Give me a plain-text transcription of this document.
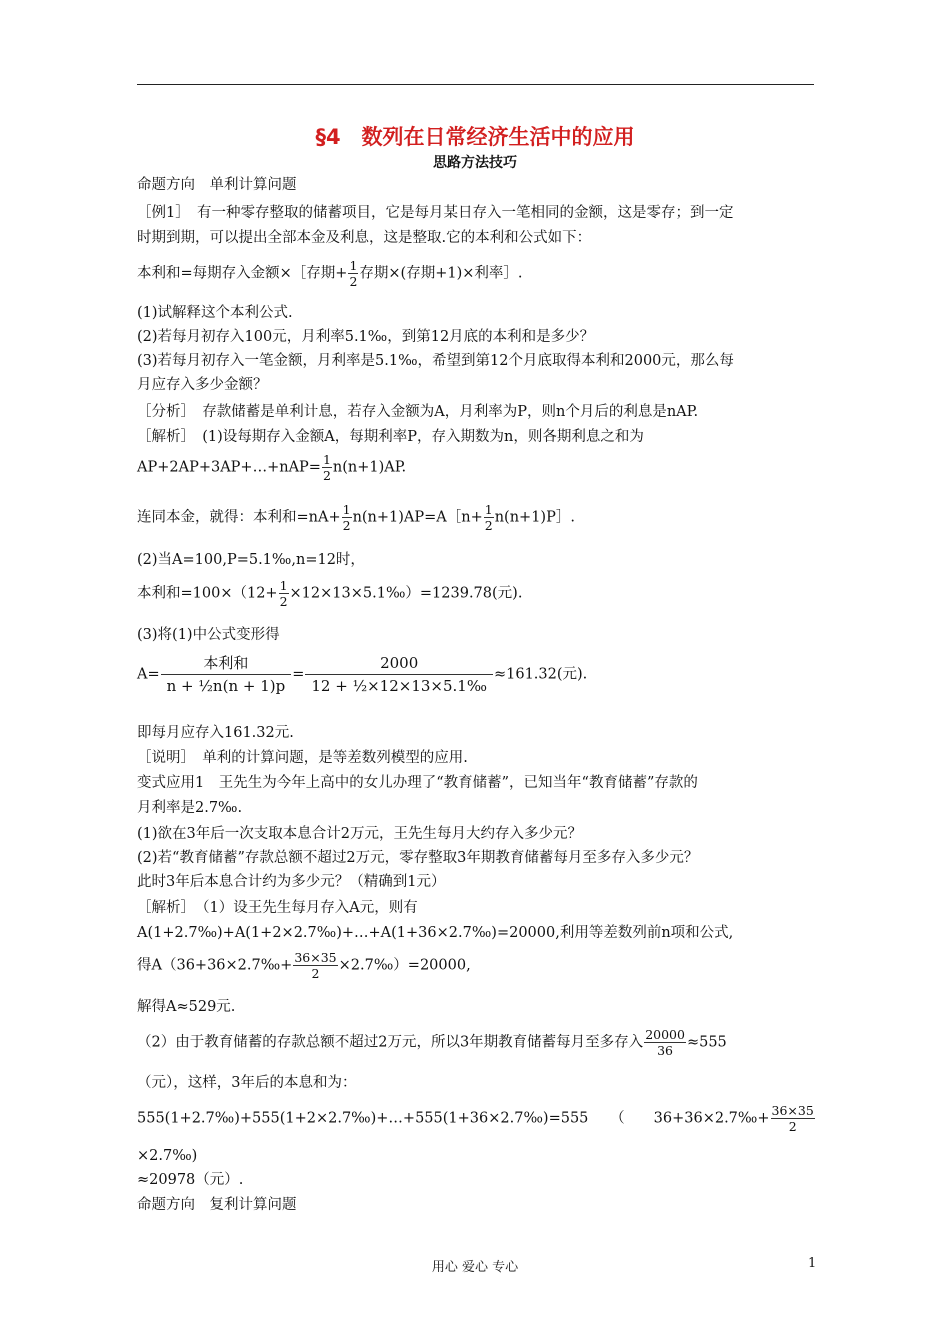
§4　数列在日常经济生活中的应用
思路方法技巧
命题方向　单利计算问题
［例1］　有一种零存整取的储蓄项目，它是每月某日存入一笔相同的金额，这是零存；到一定
时期到期，可以提出全部本金及利息，这是整取.它的本利和公式如下：
本利和=每期存入金额×［存期+ $\frac{1}{2}$ 存期×(存期+1)×利率］.
(1)试解释这个本利公式.
(2)若每月初存入100元，月利率5.1‰，到第12月底的本利和是多少？
(3)若每月初存入一笔金额，月利率是5.1‰，希望到第12个月底取得本利和2000元，那么每
月应存入多少金额？
［分析］　存款储蓄是单利计息，若存入金额为A，月利率为P，则n个月后的利息是nAP.
［解析］　(1)设每期存入金额A，每期利率P，存入期数为n，则各期利息之和为
AP+2AP+3AP+…+nAP= $\frac{1}{2} n(n+1)AP$.
连同本金，就得：本利和$=nA+ \frac{1}{2}$ n(n+1)AP=A［n+ $\frac{1}{2}$ n(n+1)P］.
(2)当A=100,P=5.1‰,n=12时，
本利和$=100\times(12+ \frac{1}{2}$ ×12×13×5.1‰）=1239.78(元).
(3)将(1)中公式变形得
$A= \frac{\text{本利和}}{\text{n + ½n(n + 1)p}} = \frac{2000}{\text{12 + ½×12×13×5.1‰}} \approx 161.32$(元).
即每月应存入161.32元.
［说明］　单利的计算问题，是等差数列模型的应用.
变式应用1　王先生为今年上高中的女儿办理了“教育储蓄”，已知当年“教育储蓄”存款的
月利率是2.7‰.
(1)欲在3年后一次支取本息合计2万元，王先生每月大约存入多少元？
(2)若“教育储蓄”存款总额不超过2万元，零存整取3年期教育储蓄每月至多存入多少元？
此时3年后本息合计约为多少元？（精确到1元）
［解析］　（1）设王先生每月存入A元，则有
A(1+2.7‰)+A(1+2×2.7‰)+…+A(1+36×2.7‰)=20000,利用等差数列前n项和公式,
得A（36+36×2.7‰+ $\frac{36\times 35}{2}$ ×2.7‰）=20000,
解得A≈529元.
（2）由于教育储蓄的存款总额不超过2万元，所以3年期教育储蓄每月至多存入 $\frac{20000}{36} \approx 555$
（元），这样，3年后的本息和为：
555(1+2.7‰)+555(1+2×2.7‰)+…+555(1+36×2.7‰)=555　　（　　36+36×2.7‰+ $\frac{36\times 35}{2}$
×2.7‰)
≈20978（元）.
命题方向　复利计算问题
用心 爱心 专心	1
